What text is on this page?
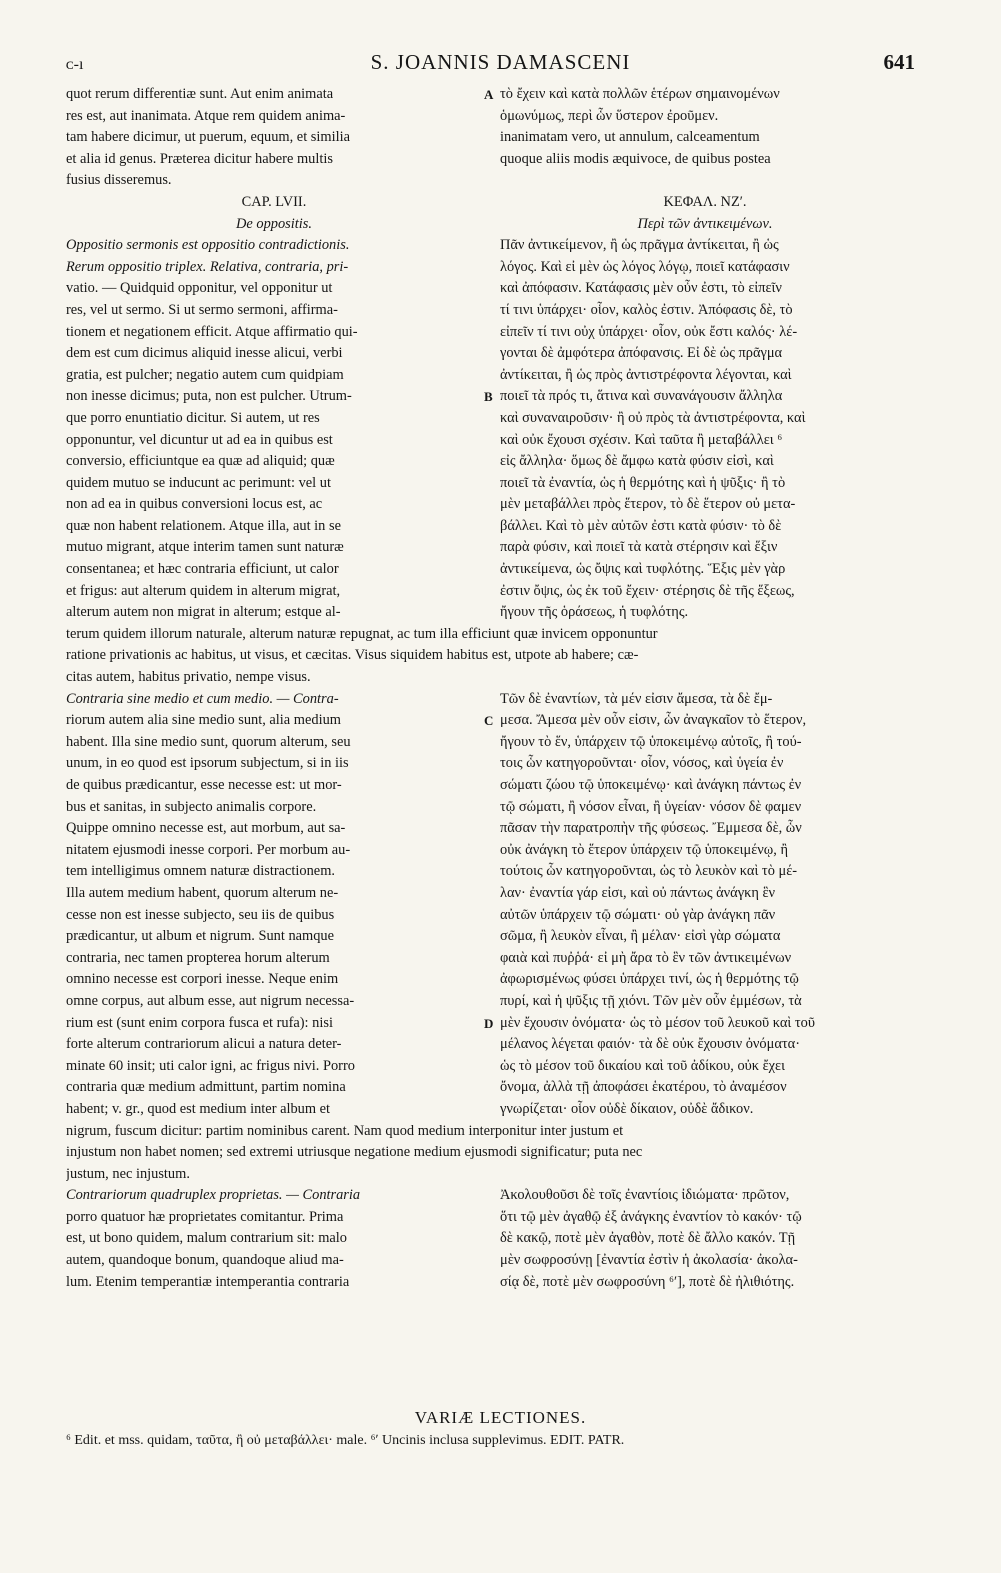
ᴄ-ı	S. JOANNIS DAMASCENI	641
quot rerum differentiæ sunt. Aut enim animata	τὸ ἔχειν καὶ κατὰ πολλῶν ἑτέρων σημαινομένων
A
res est, aut inanimata. Atque rem quidem anima-	ὁμωνύμως, περὶ ὧν ὕστερον ἐροῦμεν.
tam habere dicimur, ut puerum, equum, et similia	inanimatam vero, ut annulum, calceamentum
et alia id genus. Præterea dicitur habere multis	quoque aliis modis æquivoce, de quibus postea
fusius disseremus.
CAP. LVII.	ΚΕΦΑΛ. ΝΖʹ.
De oppositis.	Περὶ τῶν ἀντικειμένων.
Oppositio sermonis est oppositio contradictionis.	Πᾶν ἀντικείμενον, ἢ ὡς πρᾶγμα ἀντίκειται, ἢ ὡς
Rerum oppositio triplex. Relativa, contraria, pri-	λόγος. Καὶ εἰ μὲν ὡς λόγος λόγῳ, ποιεῖ κατάφασιν
vatio. — Quidquid opponitur, vel opponitur ut	καὶ ἀπόφασιν. Κατάφασις μὲν οὖν ἐστι, τὸ εἰπεῖν
res, vel ut sermo. Si ut sermo sermoni, affirma-	τί τινι ὑπάρχει· οἷον, καλὸς ἐστιν. Ἀπόφασις δὲ, τὸ
tionem et negationem efficit. Atque affirmatio qui-	εἰπεῖν τί τινι οὐχ ὑπάρχει· οἷον, οὐκ ἔστι καλός· λέ-
dem est cum dicimus aliquid inesse alicui, verbi	γονται δὲ ἀμφότερα ἀπόφανσις. Εἰ δὲ ὡς πρᾶγμα
gratia, est pulcher; negatio autem cum quidpiam	ἀντίκειται, ἢ ὡς πρὸς ἀντιστρέφοντα λέγονται, καὶ
non inesse dicimus; puta, non est pulcher. Utrum-	ποιεῖ τὰ πρός τι, ἅτινα καὶ συνανάγουσιν ἄλληλα
B
que porro enuntiatio dicitur. Si autem, ut res	καὶ συναναιροῦσιν· ἢ οὐ πρὸς τὰ ἀντιστρέφοντα, καὶ
opponuntur, vel dicuntur ut ad ea in quibus est	καὶ οὐκ ἔχουσι σχέσιν. Καὶ ταῦτα ἢ μεταβάλλει ⁶
conversio, efficiuntque ea quæ ad aliquid; quæ	εἰς ἄλληλα· ὅμως δὲ ἄμφω κατὰ φύσιν εἰσὶ, καὶ
quidem mutuo se inducunt ac perimunt: vel ut	ποιεῖ τὰ ἐναντία, ὡς ἡ θερμότης καὶ ἡ ψῦξις· ἢ τὸ
non ad ea in quibus conversioni locus est, ac	μὲν μεταβάλλει πρὸς ἕτερον, τὸ δὲ ἕτερον οὐ μετα-
quæ non habent relationem. Atque illa, aut in se	βάλλει. Καὶ τὸ μὲν αὐτῶν ἐστι κατὰ φύσιν· τὸ δὲ
mutuo migrant, atque interim tamen sunt naturæ	παρὰ φύσιν, καὶ ποιεῖ τὰ κατὰ στέρησιν καὶ ἕξιν
consentanea; et hæc contraria efficiunt, ut calor	ἀντικείμενα, ὡς ὄψις καὶ τυφλότης. Ἕξις μὲν γὰρ
et frigus: aut alterum quidem in alterum migrat,	ἐστιν ὄψις, ὡς ἐκ τοῦ ἔχειν· στέρησις δὲ τῆς ἕξεως,
alterum autem non migrat in alterum; estque al-	ἤγουν τῆς ὁράσεως, ἡ τυφλότης.
terum quidem illorum naturale, alterum naturæ repugnat, ac tum illa efficiunt quæ invicem opponuntur
ratione privationis ac habitus, ut visus, et cæcitas. Visus siquidem habitus est, utpote ab habere; cæ-
citas autem, habitus privatio, nempe visus.
Contraria sine medio et cum medio. — Contra-	Τῶν δὲ ἐναντίων, τὰ μέν εἰσιν ἄμεσα, τὰ δὲ ἔμ-
riorum autem alia sine medio sunt, alia medium	μεσα. Ἄμεσα μὲν οὖν εἰσιν, ὧν ἀναγκαῖον τὸ ἕτερον,
C
habent. Illa sine medio sunt, quorum alterum, seu	ἤγουν τὸ ἕν, ὑπάρχειν τῷ ὑποκειμένῳ αὐτοῖς, ἢ τού-
unum, in eo quod est ipsorum subjectum, si in iis	τοις ὧν κατηγοροῦνται· οἷον, νόσος, καὶ ὑγεία ἐν
de quibus prædicantur, esse necesse est: ut mor-	σώματι ζώου τῷ ὑποκειμένῳ· καὶ ἀνάγκη πάντως ἐν
bus et sanitas, in subjecto animalis corpore.	τῷ σώματι, ἢ νόσον εἶναι, ἢ ὑγείαν· νόσον δὲ φαμεν
Quippe omnino necesse est, aut morbum, aut sa-	πᾶσαν τὴν παρατροπὴν τῆς φύσεως. Ἔμμεσα δὲ, ὧν
nitatem ejusmodi inesse corpori. Per morbum au-	οὐκ ἀνάγκη τὸ ἕτερον ὑπάρχειν τῷ ὑποκειμένῳ, ἢ
tem intelligimus omnem naturæ distractionem.	τούτοις ὧν κατηγοροῦνται, ὡς τὸ λευκὸν καὶ τὸ μέ-
Illa autem medium habent, quorum alterum ne-	λαν· ἐναντία γάρ εἰσι, καὶ οὐ πάντως ἀνάγκη ἓν
cesse non est inesse subjecto, seu iis de quibus	αὐτῶν ὑπάρχειν τῷ σώματι· οὐ γὰρ ἀνάγκη πᾶν
prædicantur, ut album et nigrum. Sunt namque	σῶμα, ἢ λευκὸν εἶναι, ἢ μέλαν· εἰσὶ γὰρ σώματα
contraria, nec tamen propterea horum alterum	φαιὰ καὶ πυῤῥά· εἰ μὴ ἄρα τὸ ἓν τῶν ἀντικειμένων
omnino necesse est corpori inesse. Neque enim	ἀφωρισμένως φύσει ὑπάρχει τινί, ὡς ἡ θερμότης τῷ
omne corpus, aut album esse, aut nigrum necessa-	πυρί, καὶ ἡ ψῦξις τῇ χιόνι. Τῶν μὲν οὖν ἐμμέσων, τὰ
rium est (sunt enim corpora fusca et rufa): nisi	μὲν ἔχουσιν ὀνόματα· ὡς τὸ μέσον τοῦ λευκοῦ καὶ τοῦ
D
forte alterum contrariorum alicui a natura deter-	μέλανος λέγεται φαιόν· τὰ δὲ οὐκ ἔχουσιν ὀνόματα·
minate 60 insit; uti calor igni, ac frigus nivi. Porro	ὡς τὸ μέσον τοῦ δικαίου καὶ τοῦ ἀδίκου, οὐκ ἔχει
contraria quæ medium admittunt, partim nomina	ὄνομα, ἀλλὰ τῇ ἀποφάσει ἑκατέρου, τὸ ἀναμέσον
habent; v. gr., quod est medium inter album et	γνωρίζεται· οἷον οὐδὲ δίκαιον, οὐδὲ ἄδικον.
nigrum, fuscum dicitur: partim nominibus carent. Nam quod medium interponitur inter justum et
injustum non habet nomen; sed extremi utriusque negatione medium ejusmodi significatur; puta nec
justum, nec injustum.
Contrariorum quadruplex proprietas. — Contraria	Ἀκολουθοῦσι δὲ τοῖς ἐναντίοις ἰδιώματα· πρῶτον,
porro quatuor hæ proprietates comitantur. Prima	ὅτι τῷ μὲν ἀγαθῷ ἐξ ἀνάγκης ἐναντίον τὸ κακόν· τῷ
est, ut bono quidem, malum contrarium sit: malo	δὲ κακῷ, ποτὲ μὲν ἀγαθὸν, ποτὲ δὲ ἄλλο κακόν. Τῇ
autem, quandoque bonum, quandoque aliud ma-	μὲν σωφροσύνῃ [ἐναντία ἐστὶν ἡ ἀκολασία· ἀκολα-
lum. Etenim temperantiæ intemperantia contraria	σίᾳ δὲ, ποτὲ μὲν σωφροσύνη ⁶ʹ], ποτὲ δὲ ἠλιθιότης.
VARIÆ LECTIONES.
⁶ Edit. et mss. quidam, ταῦτα, ἢ οὐ μεταβάλλει· male. ⁶ʹ Uncinis inclusa supplevimus. EDIT. PATR.
